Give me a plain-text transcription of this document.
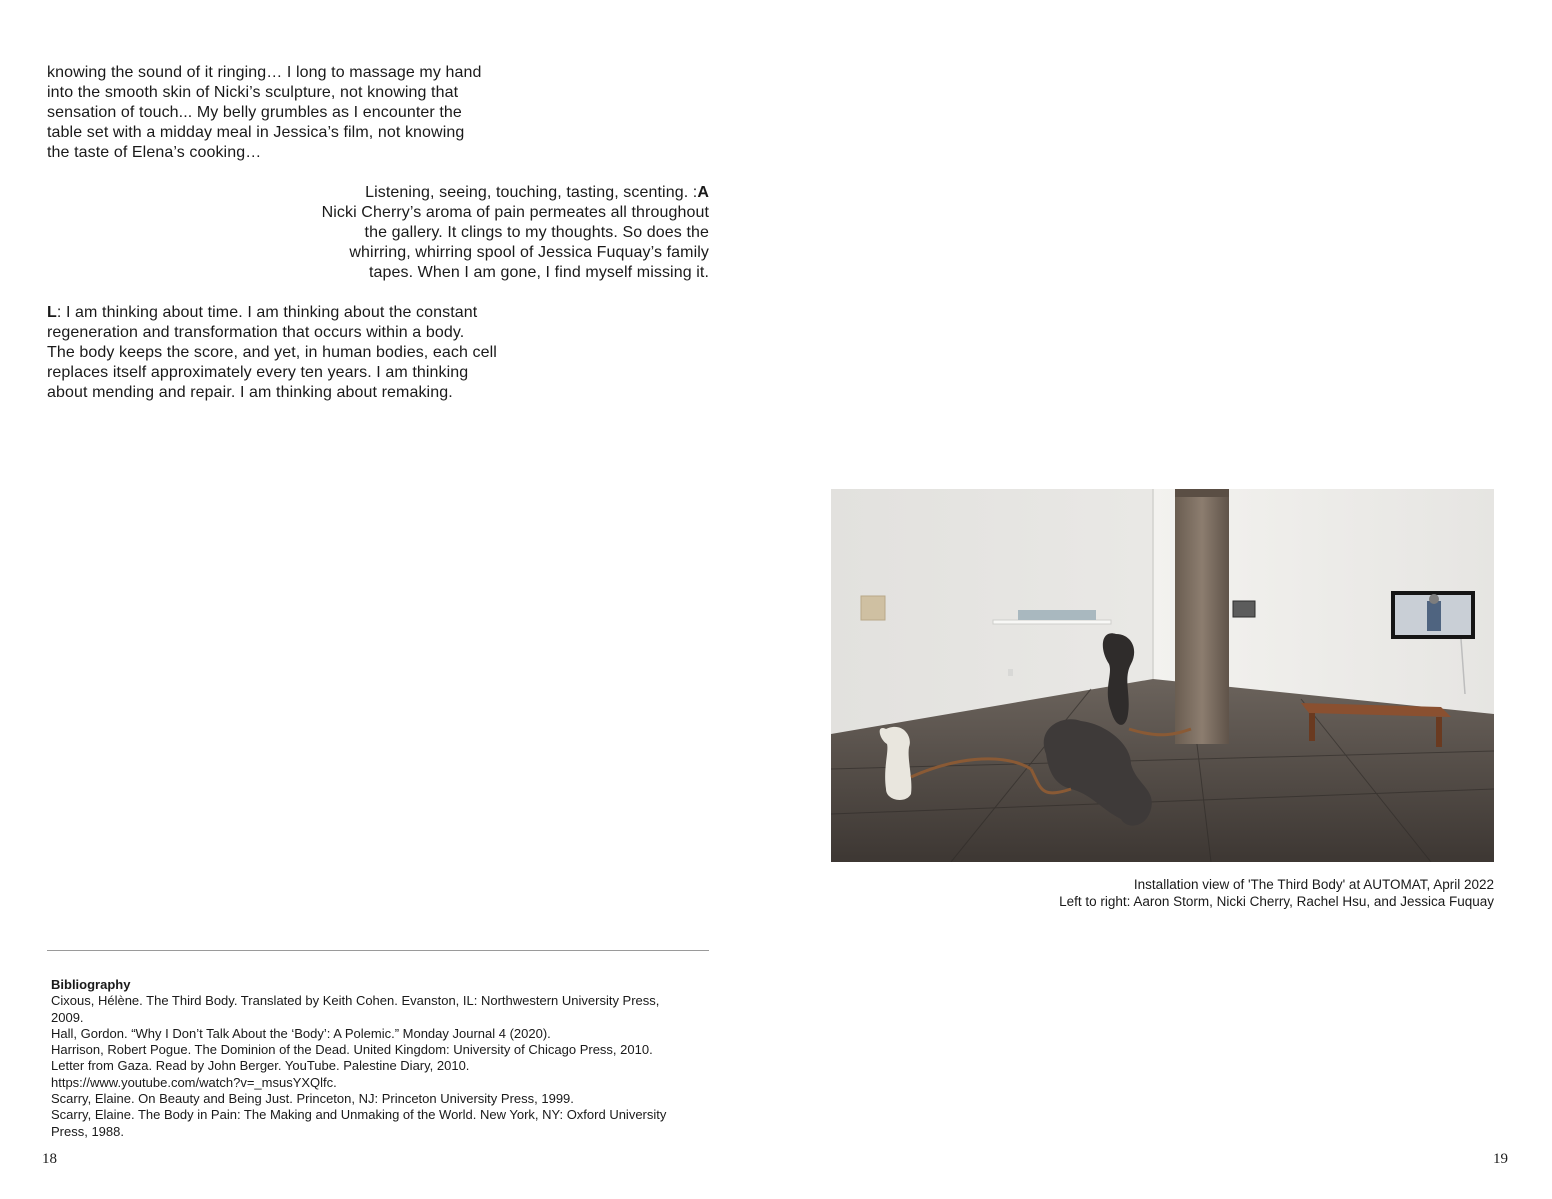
knowing the sound of it ringing… I long to massage my hand
into the smooth skin of Nicki’s sculpture, not knowing that
sensation of touch... My belly grumbles as I encounter the
table set with a midday meal in Jessica’s film, not knowing
the taste of Elena’s cooking…
Listening, seeing, touching, tasting, scenting. :A
Nicki Cherry’s aroma of pain permeates all throughout
the gallery. It clings to my thoughts. So does the
whirring, whirring spool of Jessica Fuquay’s family
tapes. When I am gone, I find myself missing it.
L: I am thinking about time. I am thinking about the constant
regeneration and transformation that occurs within a body.
The body keeps the score, and yet, in human bodies, each cell
replaces itself approximately every ten years. I am thinking
about mending and repair. I am thinking about remaking.
Installation view of 'The Third Body' at AUTOMAT, April 2022
Left to right: Aaron Storm, Nicki Cherry, Rachel Hsu, and Jessica Fuquay
Bibliography
Cixous, Hélène. The Third Body. Translated by Keith Cohen. Evanston, IL: Northwestern University Press,
2009.
Hall, Gordon. “Why I Don’t Talk About the ‘Body’: A Polemic.” Monday Journal 4 (2020).
Harrison, Robert Pogue. The Dominion of the Dead. United Kingdom: University of Chicago Press, 2010.
Letter from Gaza. Read by John Berger. YouTube. Palestine Diary, 2010.
https://www.youtube.com/watch?v=_msusYXQlfc.
Scarry, Elaine. On Beauty and Being Just. Princeton, NJ: Princeton University Press, 1999.
Scarry, Elaine. The Body in Pain: The Making and Unmaking of the World. New York, NY: Oxford University
Press, 1988.
18	19
